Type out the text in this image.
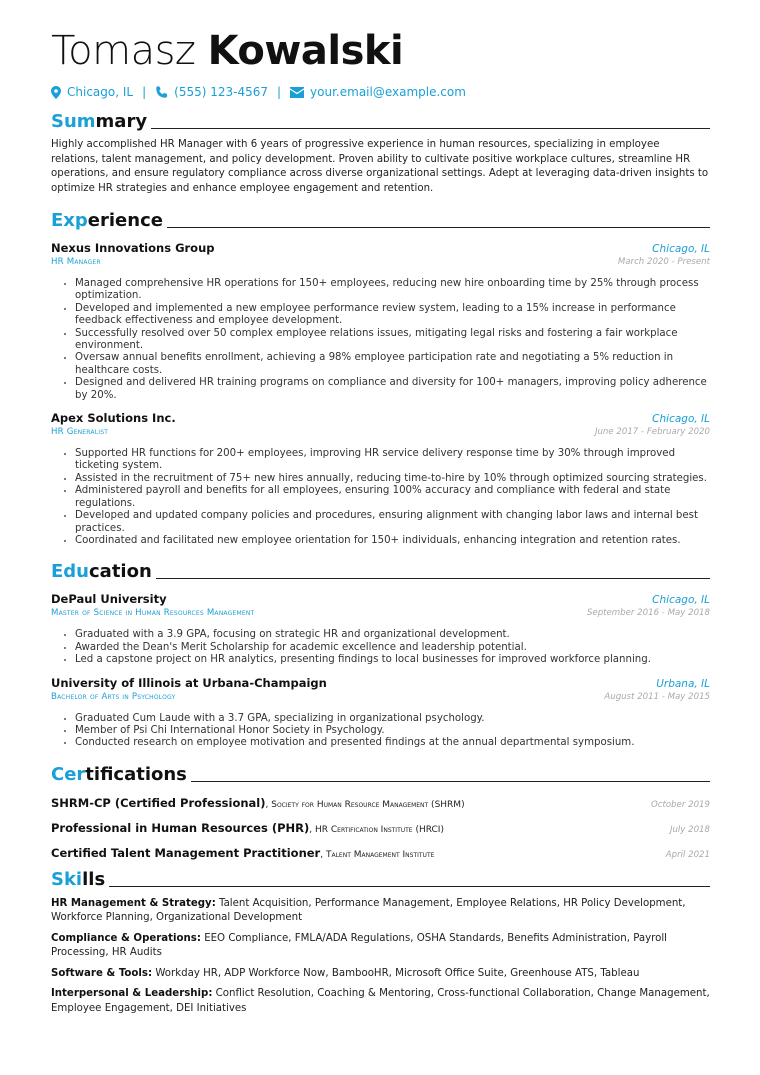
Tomasz Kowalski
Chicago, IL | (555) 123-4567 | your.email@example.com
Summary
Highly accomplished HR Manager with 6 years of progressive experience in human resources, specializing in employee relations, talent management, and policy development. Proven ability to cultivate positive workplace cultures, streamline HR operations, and ensure regulatory compliance across diverse organizational settings. Adept at leveraging data-driven insights to optimize HR strategies and enhance employee engagement and retention.
Experience
Nexus Innovations Group	Chicago, IL
HR Manager	March 2020 - Present
• Managed comprehensive HR operations for 150+ employees, reducing new hire onboarding time by 25% through process optimization.
• Developed and implemented a new employee performance review system, leading to a 15% increase in performance feedback effectiveness and employee development.
• Successfully resolved over 50 complex employee relations issues, mitigating legal risks and fostering a fair workplace environment.
• Oversaw annual benefits enrollment, achieving a 98% employee participation rate and negotiating a 5% reduction in healthcare costs.
• Designed and delivered HR training programs on compliance and diversity for 100+ managers, improving policy adherence by 20%.
Apex Solutions Inc.	Chicago, IL
HR Generalist	June 2017 - February 2020
• Supported HR functions for 200+ employees, improving HR service delivery response time by 30% through improved ticketing system.
• Assisted in the recruitment of 75+ new hires annually, reducing time-to-hire by 10% through optimized sourcing strategies.
• Administered payroll and benefits for all employees, ensuring 100% accuracy and compliance with federal and state regulations.
• Developed and updated company policies and procedures, ensuring alignment with changing labor laws and internal best practices.
• Coordinated and facilitated new employee orientation for 150+ individuals, enhancing integration and retention rates.
Education
DePaul University	Chicago, IL
Master of Science in Human Resources Management	September 2016 - May 2018
• Graduated with a 3.9 GPA, focusing on strategic HR and organizational development.
• Awarded the Dean's Merit Scholarship for academic excellence and leadership potential.
• Led a capstone project on HR analytics, presenting findings to local businesses for improved workforce planning.
University of Illinois at Urbana-Champaign	Urbana, IL
Bachelor of Arts in Psychology	August 2011 - May 2015
• Graduated Cum Laude with a 3.7 GPA, specializing in organizational psychology.
• Member of Psi Chi International Honor Society in Psychology.
• Conducted research on employee motivation and presented findings at the annual departmental symposium.
Certifications
SHRM-CP (Certified Professional), Society for Human Resource Management (SHRM)	October 2019
Professional in Human Resources (PHR), HR Certification Institute (HRCI)	July 2018
Certified Talent Management Practitioner, Talent Management Institute	April 2021
Skills
HR Management & Strategy: Talent Acquisition, Performance Management, Employee Relations, HR Policy Development, Workforce Planning, Organizational Development
Compliance & Operations: EEO Compliance, FMLA/ADA Regulations, OSHA Standards, Benefits Administration, Payroll Processing, HR Audits
Software & Tools: Workday HR, ADP Workforce Now, BambooHR, Microsoft Office Suite, Greenhouse ATS, Tableau
Interpersonal & Leadership: Conflict Resolution, Coaching & Mentoring, Cross-functional Collaboration, Change Management, Employee Engagement, DEI Initiatives
